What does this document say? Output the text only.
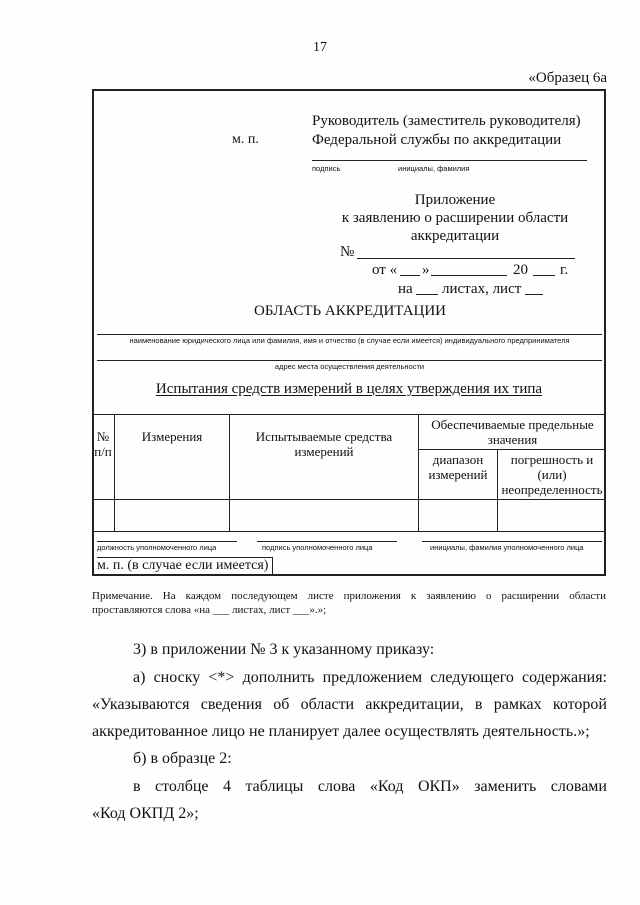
17
«Образец 6а
Руководитель (заместитель руководителя)
м. п.	Федеральной службы по аккредитации
подпись	инициалы, фамилия
Приложение
к заявлению о расширении области
аккредитации
№
от « »	20 г.
на листах, лист
ОБЛАСТЬ АККРЕДИТАЦИИ
наименование юридического лица или фамилия, имя и отчество (в случае если имеется) индивидуального предпринимателя
адрес места осуществления деятельности
Испытания средств измерений в целях утверждения их типа
№ п/п	Измерения	Испытываемые средства измерений	Обеспечиваемые предельные значения	
			диапазон измерений	погрешность и (или) неопределенность

должность уполномоченного лица	подпись уполномоченного лица	инициалы, фамилия уполномоченного лица
м. п. (в случае если имеется)
Примечание. На каждом последующем листе приложения к заявлению о расширении области проставляются слова «на ___ листах, лист ___».»;
3) в приложении № 3 к указанному приказу:
а) сноску <*> дополнить предложением следующего содержания:
«Указываются сведения об области аккредитации, в рамках которой
аккредитованное лицо не планирует далее осуществлять деятельность.»;
б) в образце 2:
в столбце 4 таблицы слова «Код ОКП» заменить словами
«Код ОКПД 2»;
